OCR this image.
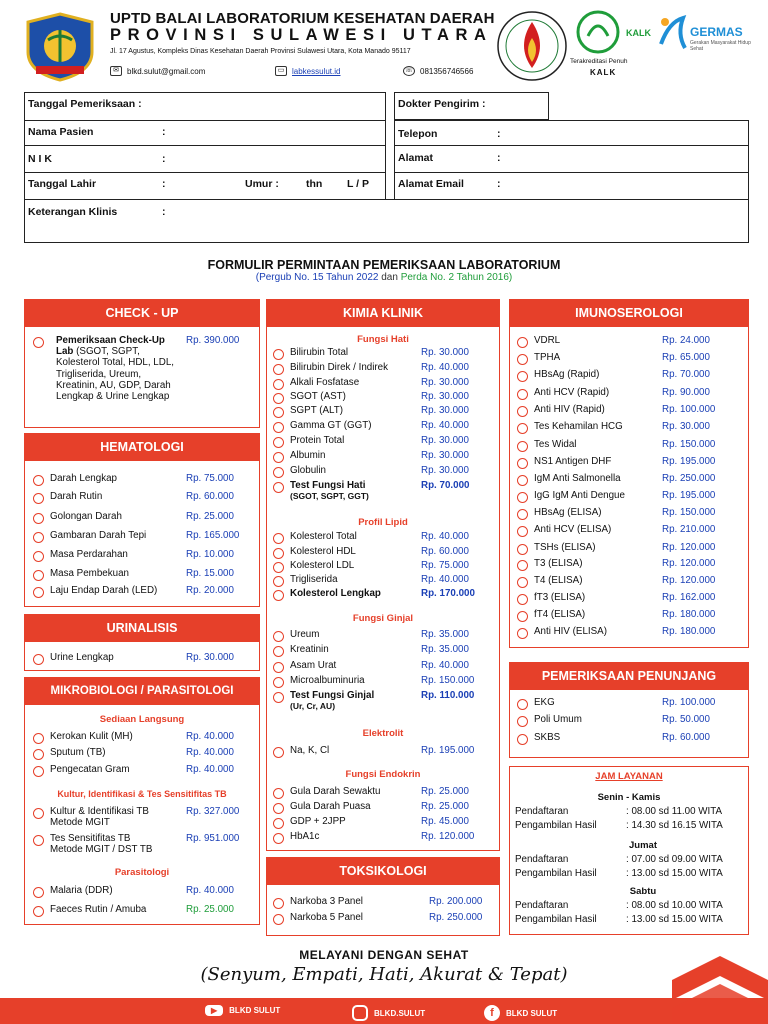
UPTD BALAI LABORATORIUM KESEHATAN DAERAH
PROVINSI SULAWESI UTARA
Jl. 17 Agustus, Kompleks Dinas Kesehatan Daerah Provinsi Sulawesi Utara, Kota Manado 95117
✉	blkd.sulut@gmail.com	▭ labkessulut.id	☏ 081356746566
BALAI LABORATORIUM KESEHATAN PROVINSI SULAWESI UTARA
KALK
Terakreditasi Penuh
KALK
GERMAS
Gerakan Masyarakat Hidup Sehat
Tanggal Pemeriksaan :	Dokter Pengirim :
Nama Pasien	:	Telepon	:
N I K	:	Alamat	:
Tanggal Lahir	:	Umur :	thn L / P	Alamat Email	:
Keterangan Klinis	:
FORMULIR PERMINTAAN PEMERIKSAAN LABORATORIUM
(Pergub No. 15 Tahun 2022 dan Perda No. 2 Tahun 2016)
CHECK - UP
HEMATOLOGI
URINALISIS
MIKROBIOLOGI / PARASITOLOGI
KIMIA KLINIK
TOKSIKOLOGI
IMUNOSEROLOGI
PEMERIKSAAN PENUNJANG
Pemeriksaan Check-Up Lab (SGOT, SGPT, Kolesterol Total, HDL, LDL, Trigliserida, Ureum, Kreatinin, AU, GDP, Darah Lengkap & Urine Lengkap
Rp. 390.000
Darah Lengkap	Rp. 75.000
Darah Rutin	Rp. 60.000
Golongan Darah	Rp. 25.000
Gambaran Darah Tepi	Rp. 165.000
Masa Perdarahan	Rp. 10.000
Masa Pembekuan	Rp. 15.000
Laju Endap Darah (LED)	Rp. 20.000
Urine Lengkap	Rp. 30.000
Kerokan Kulit (MH)	Rp. 40.000
Sputum (TB)	Rp. 40.000
Pengecatan Gram	Rp. 40.000
Kultur & Identifikasi TB
Metode MGIT
Rp. 327.000
Tes Sensitifitas TB
Metode MGIT / DST TB
Rp. 951.000
Malaria (DDR)	Rp. 40.000
Faeces Rutin / Amuba	Rp. 25.000
Bilirubin Total	Rp. 30.000
Bilirubin Direk / Indirek	Rp. 40.000
Alkali Fosfatase	Rp. 30.000
SGOT (AST)	Rp. 30.000
SGPT (ALT)	Rp. 30.000
Gamma GT (GGT)	Rp. 40.000
Protein Total	Rp. 30.000
Albumin	Rp. 30.000
Globulin	Rp. 30.000
Test Fungsi Hati
(SGOT, SGPT, GGT)
Rp. 70.000
Kolesterol Total	Rp. 40.000
Kolesterol HDL	Rp. 60.000
Kolesterol LDL	Rp. 75.000
Trigliserida	Rp. 40.000
Kolesterol Lengkap	Rp. 170.000
Ureum	Rp. 35.000
Kreatinin	Rp. 35.000
Asam Urat	Rp. 40.000
Microalbuminuria	Rp. 150.000
Test Fungsi Ginjal
(Ur, Cr, AU)
Rp. 110.000
Na, K, Cl	Rp. 195.000
Gula Darah Sewaktu	Rp. 25.000
Gula Darah Puasa	Rp. 25.000
GDP + 2JPP	Rp. 45.000
HbA1c	Rp. 120.000
Narkoba 3 Panel	Rp. 200.000
Narkoba 5 Panel	Rp. 250.000
VDRL	Rp. 24.000
TPHA	Rp. 65.000
HBsAg (Rapid)	Rp. 70.000
Anti HCV (Rapid)	Rp. 90.000
Anti HIV (Rapid)	Rp. 100.000
Tes Kehamilan HCG	Rp. 30.000
Tes Widal	Rp. 150.000
NS1 Antigen DHF	Rp. 195.000
IgM Anti Salmonella	Rp. 250.000
IgG IgM Anti Dengue	Rp. 195.000
HBsAg (ELISA)	Rp. 150.000
Anti HCV (ELISA)	Rp. 210.000
TSHs (ELISA)	Rp. 120.000
T3 (ELISA)	Rp. 120.000
T4 (ELISA)	Rp. 120.000
fT3 (ELISA)	Rp. 162.000
fT4 (ELISA)	Rp. 180.000
Anti HIV (ELISA)	Rp. 180.000
EKG	Rp. 100.000
Poli Umum	Rp. 50.000
SKBS	Rp. 60.000
Sediaan Langsung
Kultur, Identifikasi & Tes Sensitifitas TB
Parasitologi
Fungsi Hati
Profil Lipid
Fungsi Ginjal
Elektrolit
Fungsi Endokrin	JAM LAYANAN
Senin - Kamis
Pendaftaran	: 08.00 sd 11.00 WITA
Pengambilan Hasil	: 14.30 sd 16.15 WITA
Jumat
Pendaftaran	: 07.00 sd 09.00 WITA
Pengambilan Hasil	: 13.00 sd 15.00 WITA
Sabtu
Pendaftaran	: 08.00 sd 10.00 WITA
Pengambilan Hasil	: 13.00 sd 15.00 WITA
MELAYANI DENGAN SEHAT
(Senyum, Empati, Hati, Akurat & Tepat)
▶	BLKD SULUT	BLKD.SULUT	f	BLKD SULUT
